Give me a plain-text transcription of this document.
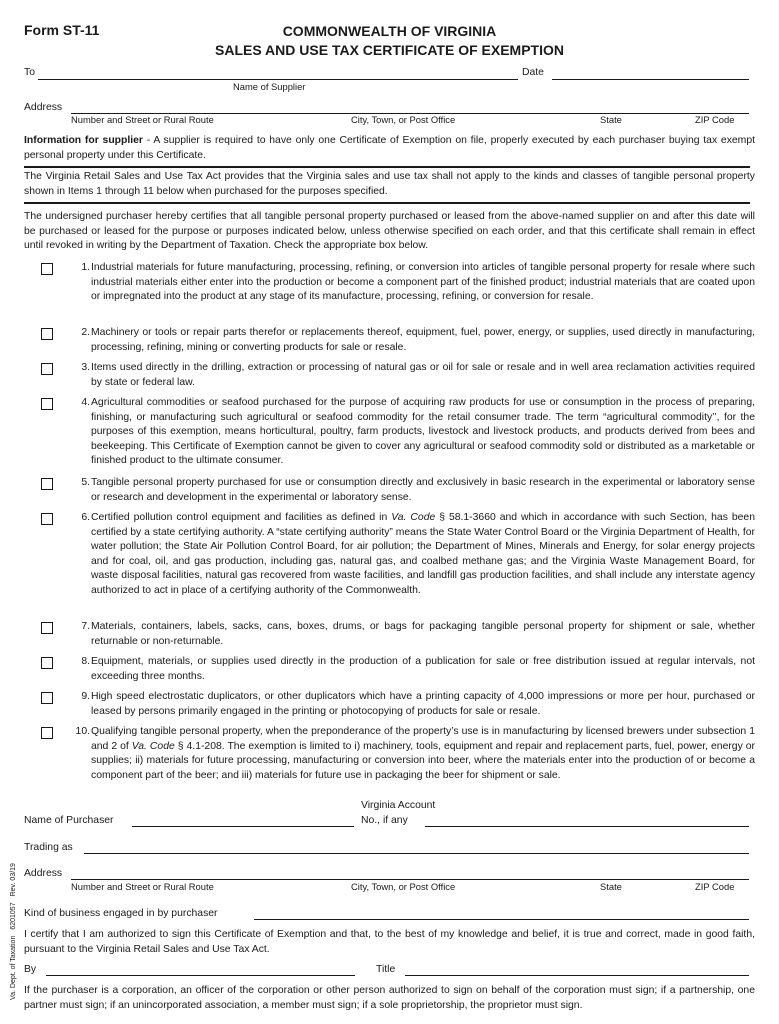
Form ST-11	COMMONWEALTH OF VIRGINIA
SALES AND USE TAX CERTIFICATE OF EXEMPTION
To	Date
Name of Supplier
Address
Number and Street or Rural Route	City, Town, or Post Office	State	ZIP Code
Information for supplier - A supplier is required to have only one Certificate of Exemption on file, properly executed by each purchaser buying tax exempt personal property under this Certificate.
The Virginia Retail Sales and Use Tax Act provides that the Virginia sales and use tax shall not apply to the kinds and classes of tangible personal property shown in Items 1 through 11 below when purchased for the purposes specified.
The undersigned purchaser hereby certifies that all tangible personal property purchased or leased from the above-named supplier on and after this date will be purchased or leased for the purpose or purposes indicated below, unless otherwise specified on each order, and that this certificate shall remain in effect until revoked in writing by the Department of Taxation. Check the appropriate box below.
1. Industrial materials for future manufacturing, processing, refining, or conversion into articles of tangible personal property for resale where such industrial materials either enter into the production or become a component part of the finished product; industrial materials that are coated upon or impregnated into the product at any stage of its manufacture, processing, refining, or conversion for resale.
2. Machinery or tools or repair parts therefor or replacements thereof, equipment, fuel, power, energy, or supplies, used directly in manufacturing, processing, refining, mining or converting products for sale or resale.
3. Items used directly in the drilling, extraction or processing of natural gas or oil for sale or resale and in well area reclamation activities required by state or federal law.
4. Agricultural commodities or seafood purchased for the purpose of acquiring raw products for use or consumption in the process of preparing, finishing, or manufacturing such agricultural or seafood commodity for the retail consumer trade. The term “agricultural commodity’’, for the purposes of this exemption, means horticultural, poultry, farm products, livestock and livestock products, and products derived from bees and beekeeping. This Certificate of Exemption cannot be given to cover any agricultural or seafood commodity sold or distributed as a marketable or finished product to the ultimate consumer.
5. Tangible personal property purchased for use or consumption directly and exclusively in basic research in the experimental or laboratory sense or research and development in the experimental or laboratory sense.
6. Certified pollution control equipment and facilities as defined in Va. Code § 58.1-3660 and which in accordance with such Section, has been certified by a state certifying authority. A “state certifying authority” means the State Water Control Board or the Virginia Department of Health, for water pollution; the State Air Pollution Control Board, for air pollution; the Department of Mines, Minerals and Energy, for solar energy projects and for coal, oil, and gas production, including gas, natural gas, and coalbed methane gas; and the Virginia Waste Management Board, for waste disposal facilities, natural gas recovered from waste facilities, and landfill gas production facilities, and shall include any interstate agency authorized to act in place of a certifying authority of the Commonwealth.
7. Materials, containers, labels, sacks, cans, boxes, drums, or bags for packaging tangible personal property for shipment or sale, whether returnable or non-returnable.
8. Equipment, materials, or supplies used directly in the production of a publication for sale or free distribution issued at regular intervals, not exceeding three months.
9. High speed electrostatic duplicators, or other duplicators which have a printing capacity of 4,000 impressions or more per hour, purchased or leased by persons primarily engaged in the printing or photocopying of products for sale or resale.
10. Qualifying tangible personal property, when the preponderance of the property’s use is in manufacturing by licensed brewers under subsection 1 and 2 of Va. Code § 4.1-208. The exemption is limited to i) machinery, tools, equipment and repair and replacement parts, fuel, power, energy or supplies; ii) materials for future processing, manufacturing or conversion into beer, where the materials enter into the production of or become a component part of the beer; and iii) materials for future use in packaging the beer for shipment or sale.
Virginia Account
Name of Purchaser	No., if any
Trading as
Address
Number and Street or Rural Route	City, Town, or Post Office	State	ZIP Code
Kind of business engaged in by purchaser
I certify that I am authorized to sign this Certificate of Exemption and that, to the best of my knowledge and belief, it is true and correct, made in good faith, pursuant to the Virginia Retail Sales and Use Tax Act.
By	Title
If the purchaser is a corporation, an officer of the corporation or other person authorized to sign on behalf of the corporation must sign; if a partnership, one partner must sign; if an unincorporated association, a member must sign; if a sole proprietorship, the proprietor must sign.
Va. Dept. of Taxation6201057Rev. 03/19
